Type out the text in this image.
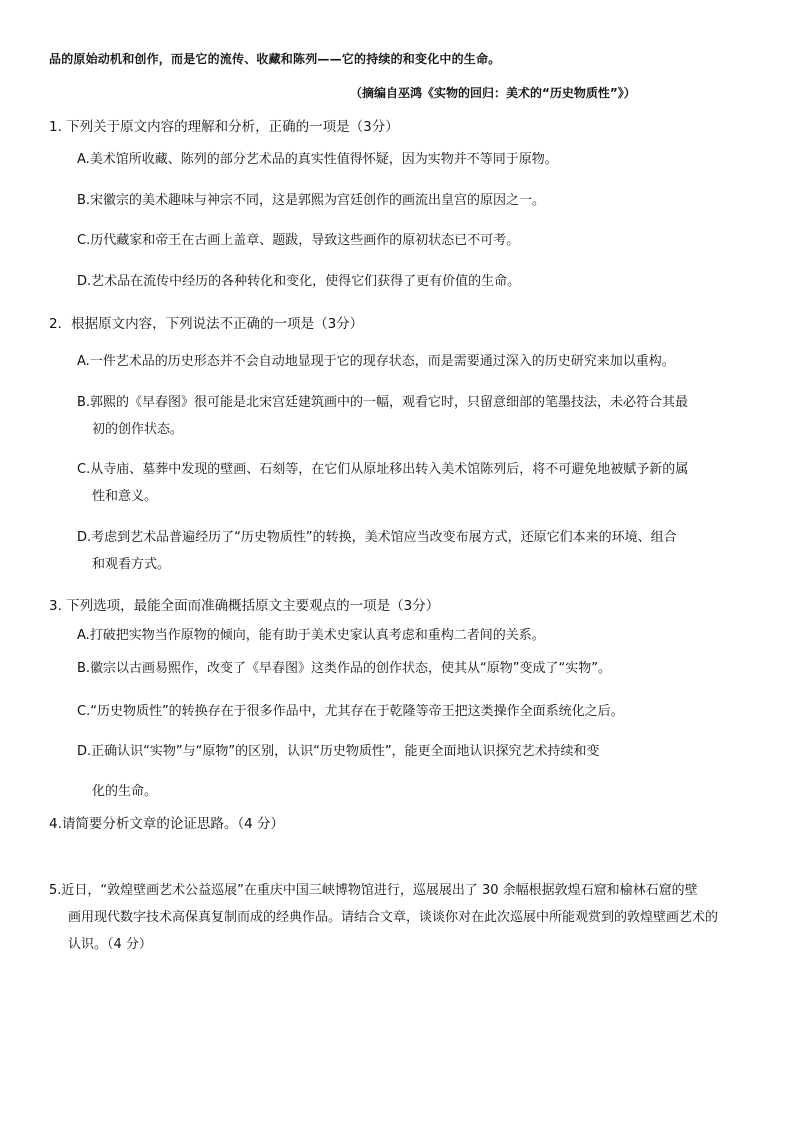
品的原始动机和创作，而是它的流传、收藏和陈列——它的持续的和变化中的生命。
（摘编自巫鸿《实物的回归：美术的“历史物质性”》）
1. 下列关于原文内容的理解和分析，正确的一项是（3分）
A.美术馆所收藏、陈列的部分艺术品的真实性值得怀疑，因为实物并不等同于原物。
B.宋徽宗的美术趣味与神宗不同，这是郭熙为宫廷创作的画流出皇宫的原因之一。
C.历代藏家和帝王在古画上盖章、题跋，导致这些画作的原初状态已不可考。
D.艺术品在流传中经历的各种转化和变化，使得它们获得了更有价值的生命。
2．根据原文内容，下列说法不正确的一项是（3分）
A.一件艺术品的历史形态并不会自动地显现于它的现存状态，而是需要通过深入的历史研究来加以重构。
B.郭熙的《早春图》很可能是北宋宫廷建筑画中的一幅，观看它时，只留意细部的笔墨技法，未必符合其最
初的创作状态。
C.从寺庙、墓葬中发现的壁画、石刻等，在它们从原址移出转入美术馆陈列后，将不可避免地被赋予新的属
性和意义。
D.考虑到艺术品普遍经历了“历史物质性”的转换，美术馆应当改变布展方式，还原它们本来的环境、组合
和观看方式。
3. 下列选项，最能全面而准确概括原文主要观点的一项是（3分）
A.打破把实物当作原物的倾向，能有助于美术史家认真考虑和重构二者间的关系。
B.徽宗以古画易熙作，改变了《早春图》这类作品的创作状态，使其从“原物”变成了“实物”。
C.“历史物质性”的转换存在于很多作品中，尤其存在于乾隆等帝王把这类操作全面系统化之后。
D.正确认识“实物”与“原物”的区别，认识“历史物质性”，能更全面地认识探究艺术持续和变
化的生命。
4.请简要分析文章的论证思路。（4 分）
5.近日，“敦煌壁画艺术公益巡展”在重庆中国三峡博物馆进行，巡展展出了 30 余幅根据敦煌石窟和榆林石窟的壁
画用现代数字技术高保真复制而成的经典作品。请结合文章，谈谈你对在此次巡展中所能观赏到的敦煌壁画艺术的
认识。（4 分）
